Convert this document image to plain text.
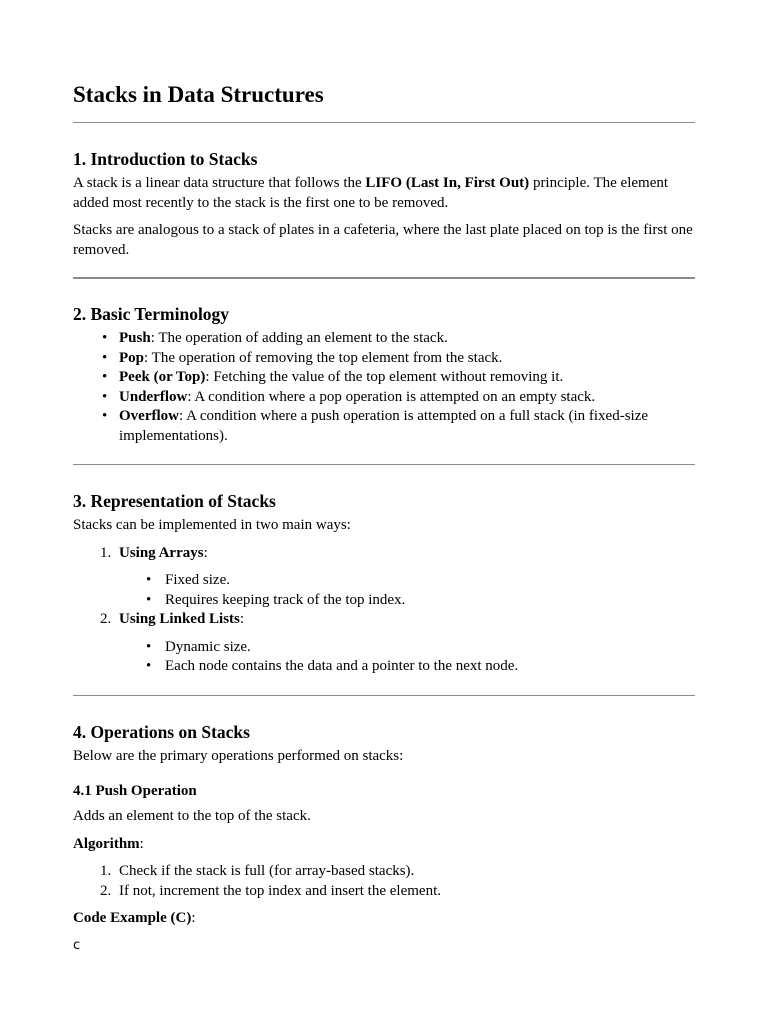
Stacks in Data Structures
1. Introduction to Stacks

A stack is a linear data structure that follows the LIFO (Last In, First Out) principle. The element added most recently to the stack is the first one to be removed.

Stacks are analogous to a stack of plates in a cafeteria, where the last plate placed on top is the first one removed.

2. Basic Terminology
• Push: The operation of adding an element to the stack.
• Pop: The operation of removing the top element from the stack.
• Peek (or Top): Fetching the value of the top element without removing it.
• Underflow: A condition where a pop operation is attempted on an empty stack.
• Overflow: A condition where a push operation is attempted on a full stack (in fixed-size implementations).
3. Representation of Stacks

Stacks can be implemented in two main ways:

1. Using Arrays:
• Fixed size.
• Requires keeping track of the top index.
2. Using Linked Lists:
• Dynamic size.
• Each node contains the data and a pointer to the next node.
4. Operations on Stacks

Below are the primary operations performed on stacks:

4.1 Push Operation

Adds an element to the top of the stack.

Algorithm:

1. Check if the stack is full (for array-based stacks).
2. If not, increment the top index and insert the element.

Code Example (C):

c
